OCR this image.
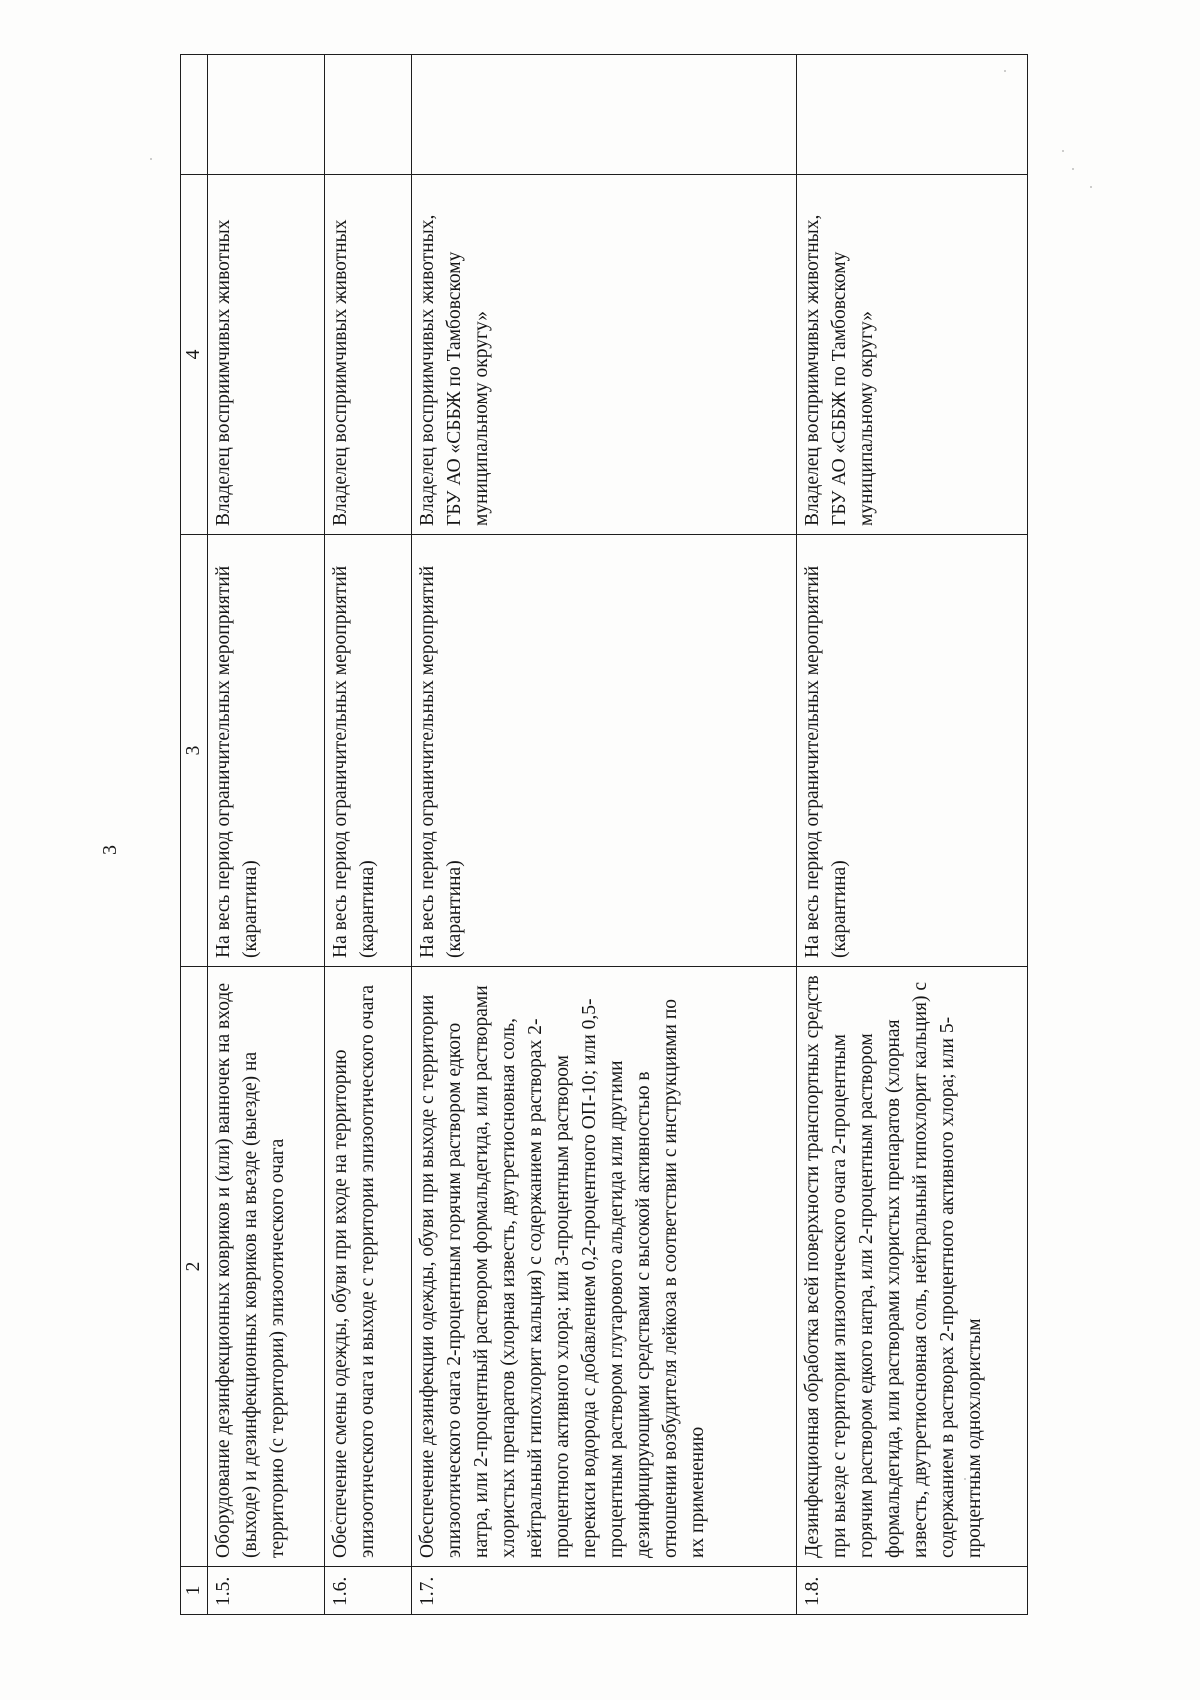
3
1	2	3	4	
1.5.	Оборудование дезинфекционных ковриков и (или) ванночек на входе (выходе) и дезинфекционных ковриков на въезде (выезде) на территорию (с территории) эпизоотического очага	На весь период ограничительных мероприятий (карантина)	Владелец восприимчивых животных	
1.6.	Обеспечение смены одежды, обуви при входе на территорию эпизоотического очага и выходе с территории эпизоотического очага	На весь период ограничительных мероприятий (карантина)	Владелец восприимчивых животных	
1.7.	Обеспечение дезинфекции одежды, обуви при выходе с территории эпизоотического очага 2-процентным горячим раствором едкого натра, или 2-процентный раствором формальдегида, или растворами хлористых препаратов (хлорная известь, двутретиосновная соль, нейтральный гипохлорит кальция) с содержанием в растворах 2-процентного активного хлора; или 3-процентным раствором перекиси водорода с добавлением 0,2-процентного ОП-10; или 0,5-процентным раствором глутарового альдегида или другими дезинфицирующими средствами с высокой активностью в отношении возбудителя лейкоза в соответствии с инструкциями по их применению	На весь период ограничительных мероприятий (карантина)	Владелец восприимчивых животных, ГБУ АО «СББЖ по Тамбовскому муниципальному округу»	
1.8.	Дезинфекционная обработка всей поверхности транспортных средств при выезде с территории эпизоотического очага 2-процентным горячим раствором едкого натра, или 2-процентным раствором формальдегида, или растворами хлористых препаратов (хлорная известь, двутретиосновная соль, нейтральный гипохлорит кальция) с содержанием в растворах 2-процентного активного хлора; или 5-процентным однохлористым	На весь период ограничительных мероприятий (карантина)	Владелец восприимчивых животных, ГБУ АО «СББЖ по Тамбовскому муниципальному округу»	
